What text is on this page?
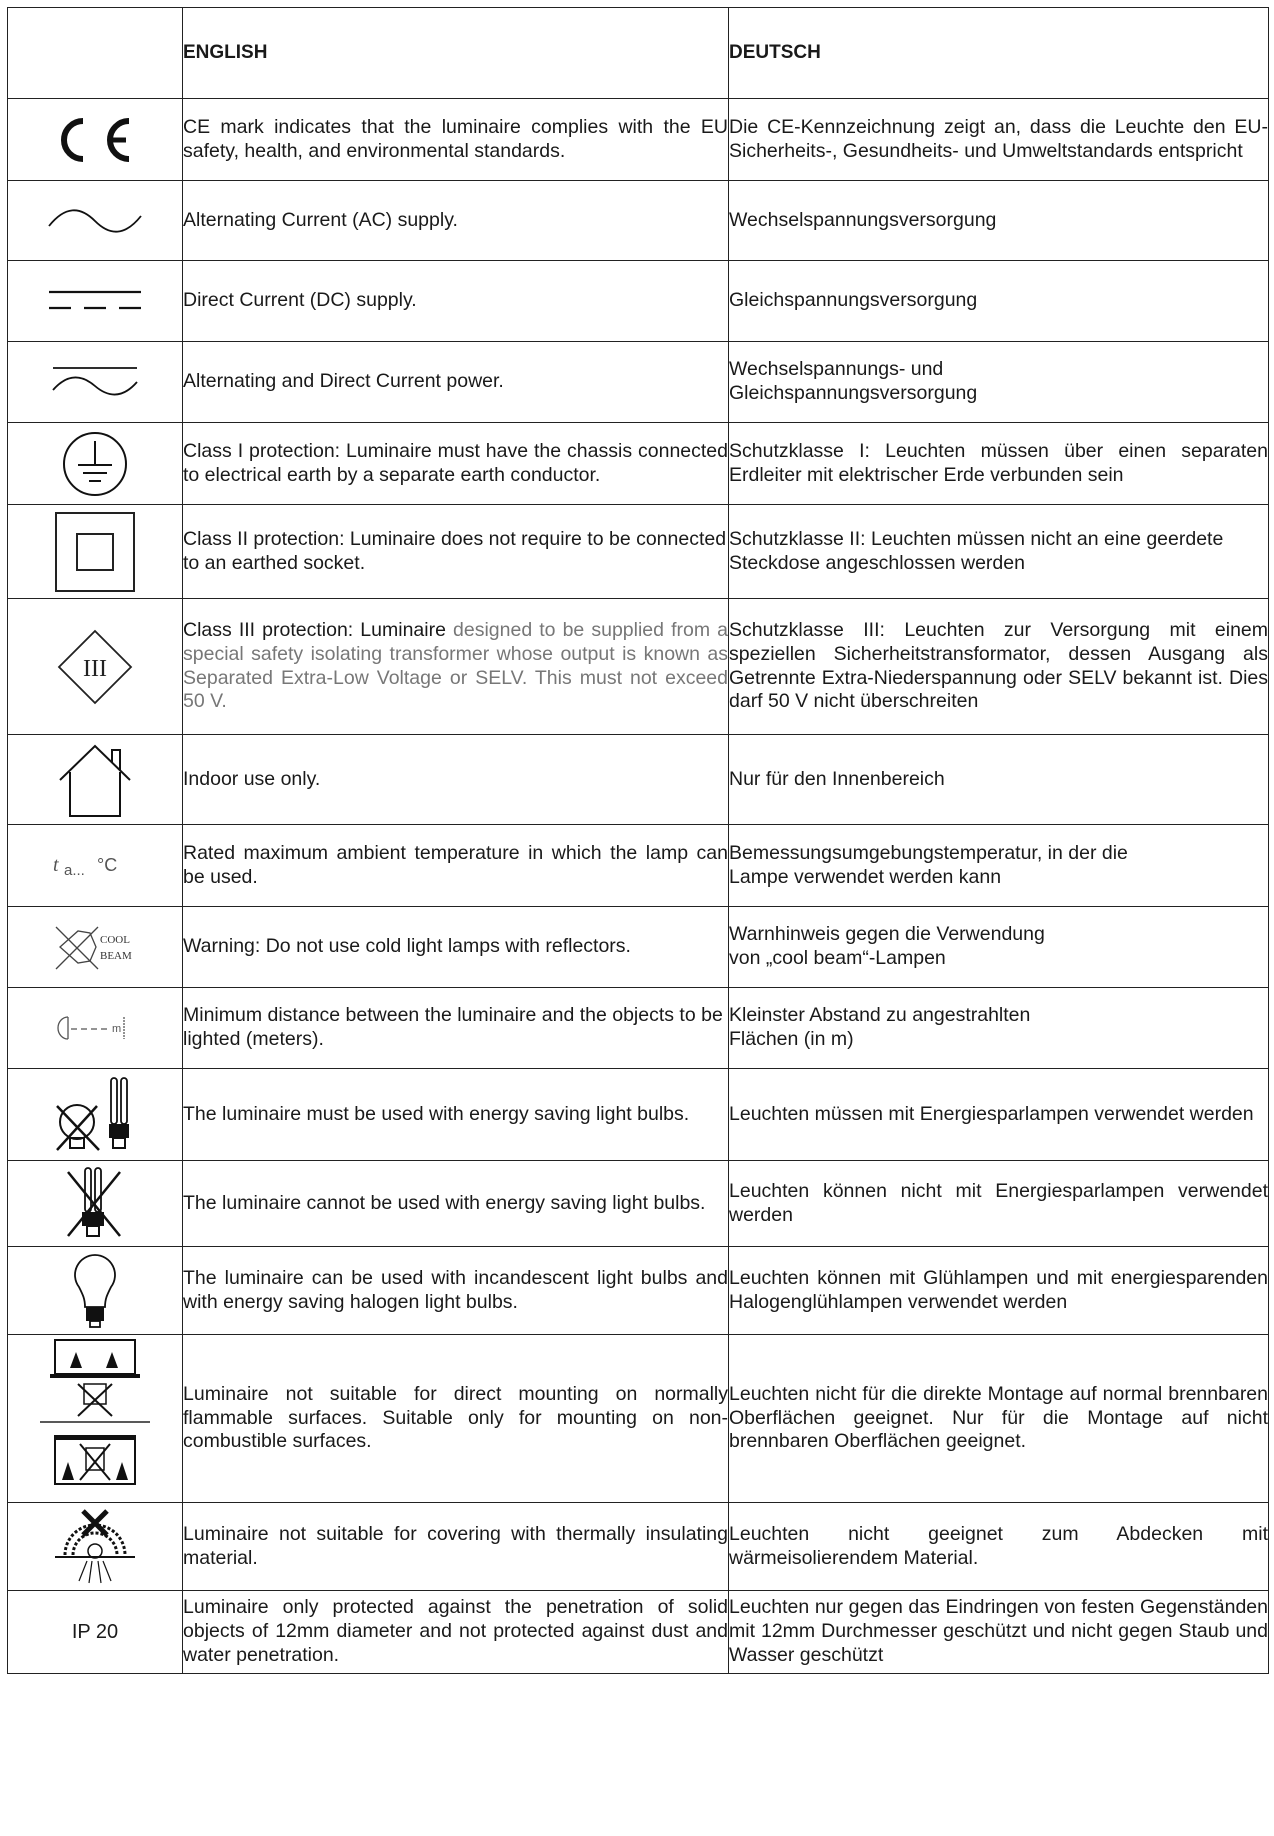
	ENGLISH	DEUTSCH

	CE mark indicates that the luminaire complies with the EU safety, health, and environmental standards.	Die CE-Kennzeichnung zeigt an, dass die Leuchte den EU-Sicherheits-, Gesundheits- und Umweltstandards entspricht

	Alternating Current (AC) supply.	Wechselspannungsversorgung

	Direct Current (DC) supply.	Gleichspannungsversorgung

	Alternating and Direct Current power.	Wechselspannungs- und
Gleichspannungsversorgung

	Class I protection: Luminaire must have the chassis connected to electrical earth by a separate earth conductor.	Schutzklasse I: Leuchten müssen über einen separaten Erdleiter mit elektrischer Erde verbunden sein

	Class II protection: Luminaire does not require to be connected to an earthed socket.	Schutzklasse II: Leuchten müssen nicht an eine geerdete Steckdose angeschlossen werden

III	Class III protection: Luminaire designed to be supplied from a special safety isolating transformer whose output is known as Separated Extra-Low Voltage or SELV. This must not exceed 50 V.	Schutzklasse III: Leuchten zur Versorgung mit einem speziellen Sicherheitstransformator, dessen Ausgang als Getrennte Extra-Niederspannung oder SELV bekannt ist. Dies darf 50 V nicht überschreiten

	Indoor use only.	Nur für den Innenbereich

t a... °C	Rated maximum ambient temperature in which the lamp can be used.	Bemessungsumgebungstemperatur, in der die
Lampe verwendet werden kann

COOL
BEAM	Warning: Do not use cold light lamps with reflectors.	Warnhinweis gegen die Verwendung
von „cool beam“-Lampen

m	Minimum distance between the luminaire and the objects to be lighted (meters).	Kleinster Abstand zu angestrahlten
Flächen (in m)

	The luminaire must be used with energy saving light bulbs.	Leuchten müssen mit Energiesparlampen verwendet werden

	The luminaire cannot be used with energy saving light bulbs.	Leuchten können nicht mit Energiesparlampen verwendet werden

	The luminaire can be used with incandescent light bulbs and with energy saving halogen light bulbs.	Leuchten können mit Glühlampen und mit energiesparenden Halogenglühlampen verwendet werden

	Luminaire not suitable for direct mounting on normally flammable surfaces. Suitable only for mounting on non-combustible surfaces.	Leuchten nicht für die direkte Montage auf normal brennbaren Oberflächen geeignet. Nur für die Montage auf nicht brennbaren Oberflächen geeignet.

	Luminaire not suitable for covering with thermally insulating material.	Leuchten nicht geeignet zum Abdecken mit wärmeisolierendem Material.
IP 20	Luminaire only protected against the penetration of solid objects of 12mm diameter and not protected against dust and water penetration.	Leuchten nur gegen das Eindringen von festen Gegenständen mit 12mm Durchmesser geschützt und nicht gegen Staub und Wasser geschützt
